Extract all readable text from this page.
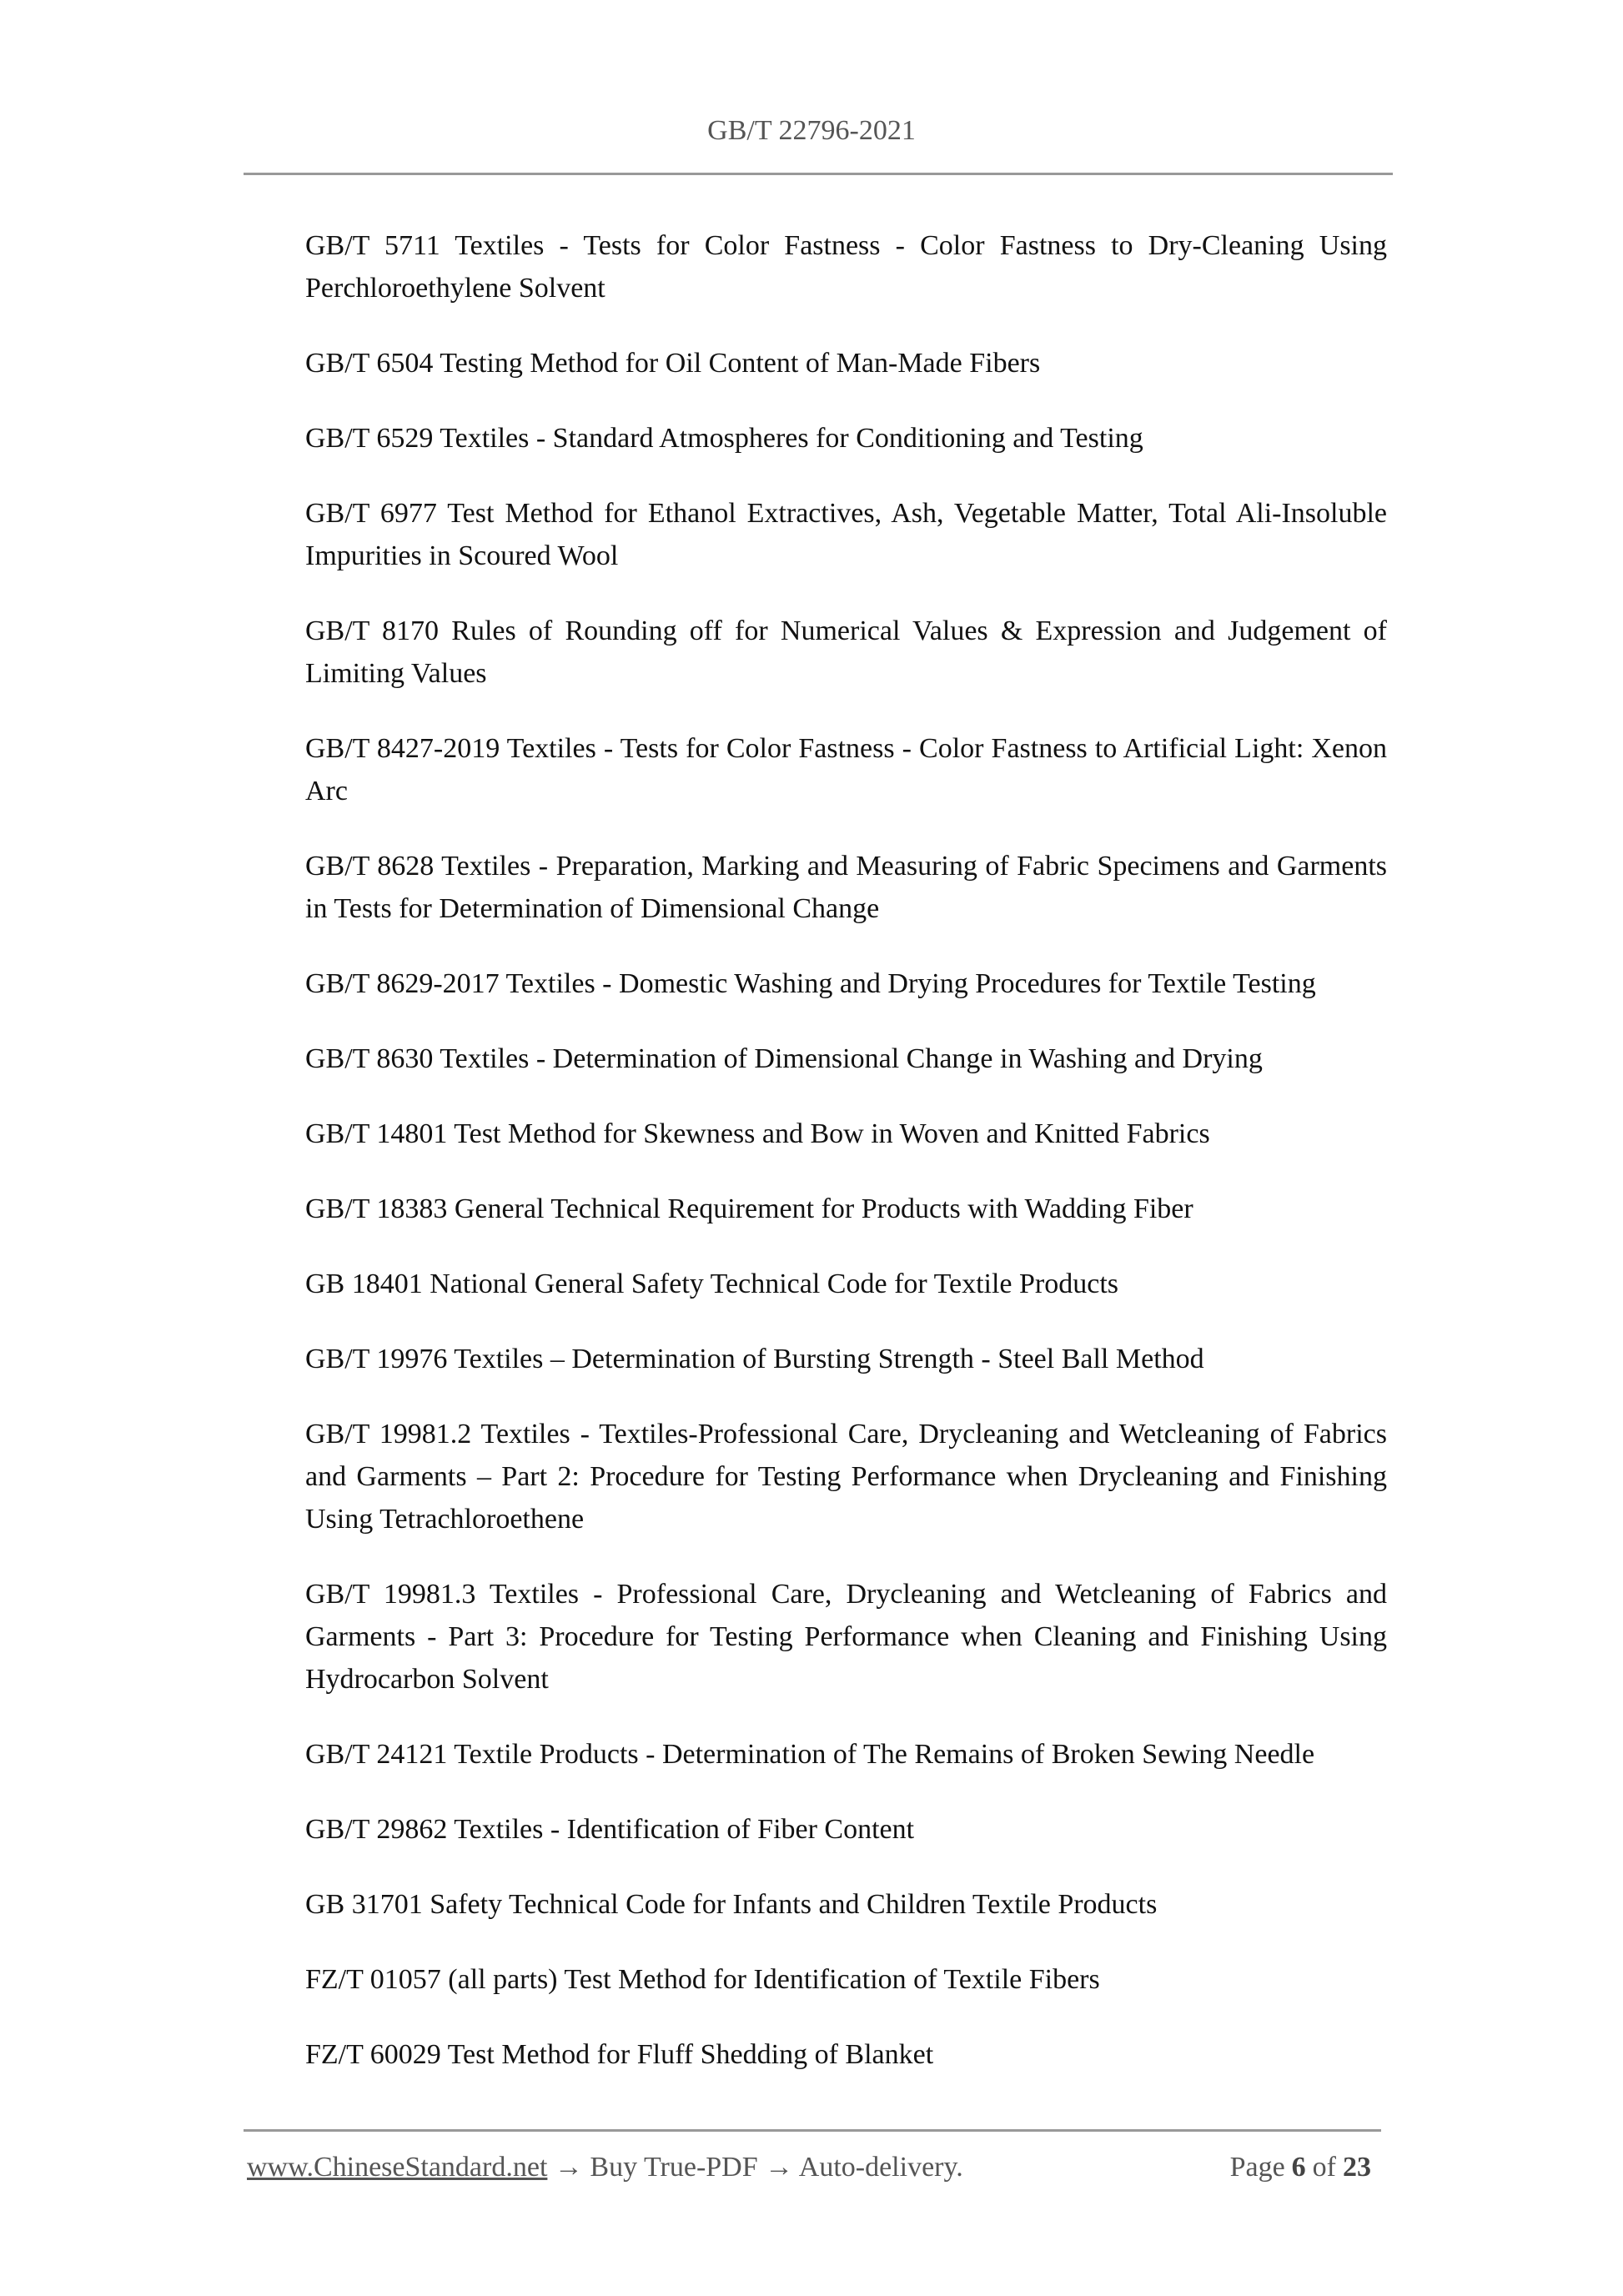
GB/T 22796-2021

GB/T 5711 Textiles - Tests for Color Fastness - Color Fastness to Dry-Cleaning Using Perchloroethylene Solvent

GB/T 6504 Testing Method for Oil Content of Man-Made Fibers

GB/T 6529 Textiles - Standard Atmospheres for Conditioning and Testing

GB/T 6977 Test Method for Ethanol Extractives, Ash, Vegetable Matter, Total Ali-Insoluble Impurities in Scoured Wool

GB/T 8170 Rules of Rounding off for Numerical Values & Expression and Judgement of Limiting Values

GB/T 8427-2019 Textiles - Tests for Color Fastness - Color Fastness to Artificial Light: Xenon Arc

GB/T 8628 Textiles - Preparation, Marking and Measuring of Fabric Specimens and Garments in Tests for Determination of Dimensional Change

GB/T 8629-2017 Textiles - Domestic Washing and Drying Procedures for Textile Testing

GB/T 8630 Textiles - Determination of Dimensional Change in Washing and Drying

GB/T 14801 Test Method for Skewness and Bow in Woven and Knitted Fabrics

GB/T 18383 General Technical Requirement for Products with Wadding Fiber

GB 18401 National General Safety Technical Code for Textile Products

GB/T 19976 Textiles – Determination of Bursting Strength - Steel Ball Method

GB/T 19981.2 Textiles - Textiles-Professional Care, Drycleaning and Wetcleaning of Fabrics and Garments – Part 2: Procedure for Testing Performance when Drycleaning and Finishing Using Tetrachloroethene

GB/T 19981.3 Textiles - Professional Care, Drycleaning and Wetcleaning of Fabrics and Garments - Part 3: Procedure for Testing Performance when Cleaning and Finishing Using Hydrocarbon Solvent

GB/T 24121 Textile Products - Determination of The Remains of Broken Sewing Needle

GB/T 29862 Textiles - Identification of Fiber Content

GB 31701 Safety Technical Code for Infants and Children Textile Products

FZ/T 01057 (all parts) Test Method for Identification of Textile Fibers

FZ/T 60029 Test Method for Fluff Shedding of Blanket

www.ChineseStandard.net → Buy True-PDF → Auto-delivery.	Page 6 of 23
